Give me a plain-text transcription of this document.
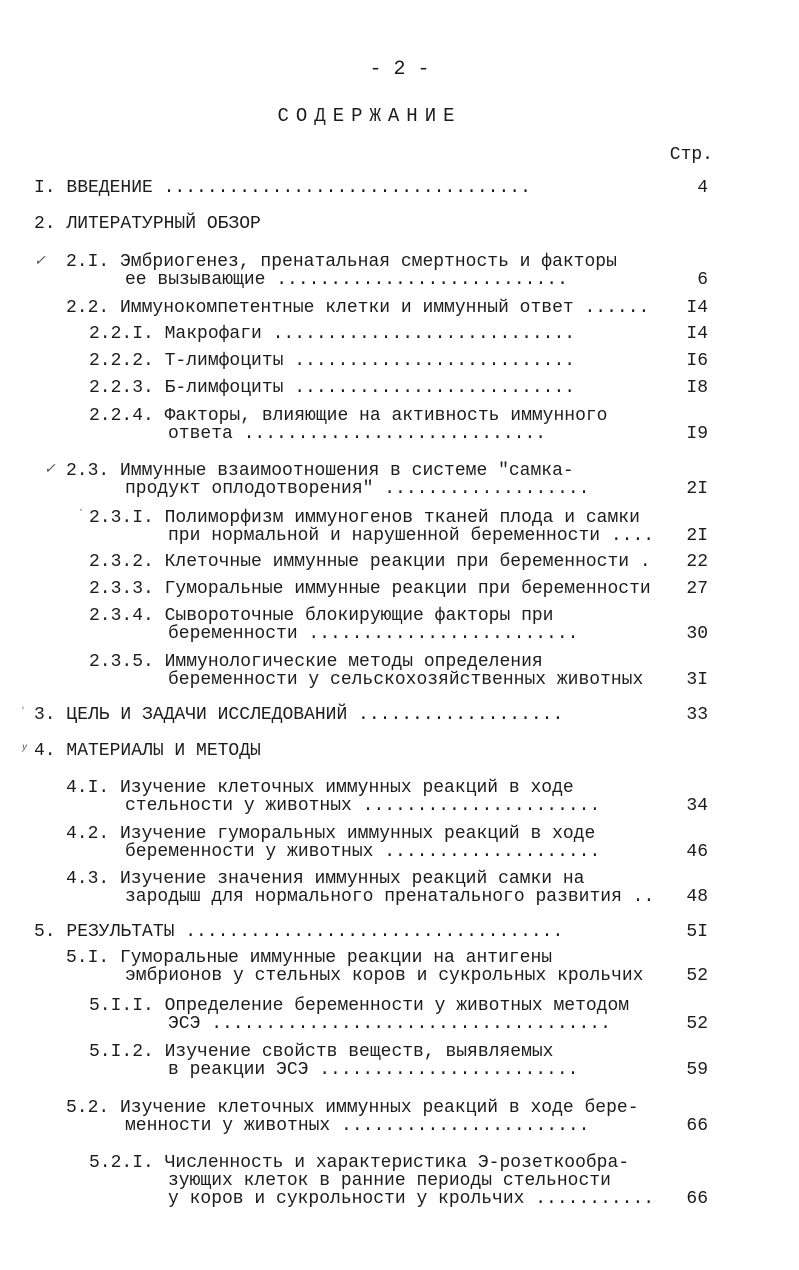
- 2 -
СОДЕРЖАНИЕ
Стр.
I. ВВЕДЕНИЕ ..................................	4
2. ЛИТЕРАТУРНЫЙ ОБЗОР
2.I. Эмбриогенез, пренатальная смертность и факторы
ее вызывающие ...........................	6
2.2. Иммунокомпетентные клетки и иммунный ответ ......	I4
2.2.I. Макрофаги ............................	I4
2.2.2. Т-лимфоциты ..........................	I6
2.2.3. Б-лимфоциты ..........................	I8
2.2.4. Факторы, влияющие на активность иммунного
ответа ............................	I9
2.3. Иммунные взаимоотношения в системе "самка-
продукт оплодотворения" ...................	2I
2.3.I. Полиморфизм иммуногенов тканей плода и самки
при нормальной и нарушенной беременности ....	2I
2.3.2. Клеточные иммунные реакции при беременности .	22
2.3.3. Гуморальные иммунные реакции при беременности	27
2.3.4. Сывороточные блокирующие факторы при
беременности .........................	30
2.3.5. Иммунологические методы определения
беременности у сельскохозяйственных животных	3I
3. ЦЕЛЬ И ЗАДАЧИ ИССЛЕДОВАНИЙ ...................	33
4. МАТЕРИАЛЫ И МЕТОДЫ
4.I. Изучение клеточных иммунных реакций в ходе
стельности у животных ......................	34
4.2. Изучение гуморальных иммунных реакций в ходе
беременности у животных ....................	46
4.3. Изучение значения иммунных реакций самки на
зародыш для нормального пренатального развития ..	48
5. РЕЗУЛЬТАТЫ ...................................	5I
5.I. Гуморальные иммунные реакции на антигены
эмбрионов у стельных коров и сукрольных крольчих	52
5.I.I. Определение беременности у животных методом
ЭСЭ .....................................	52
5.I.2. Изучение свойств веществ, выявляемых
в реакции ЭСЭ ........................	59
5.2. Изучение клеточных иммунных реакций в ходе бере-
менности у животных .......................	66
5.2.I. Численность и характеристика Э-розеткообра-
зующих клеток в ранние периоды стельности
у коров и сукрольности у крольчих ...........	66
✓
✓
ʿ
ʿ
ʸ
